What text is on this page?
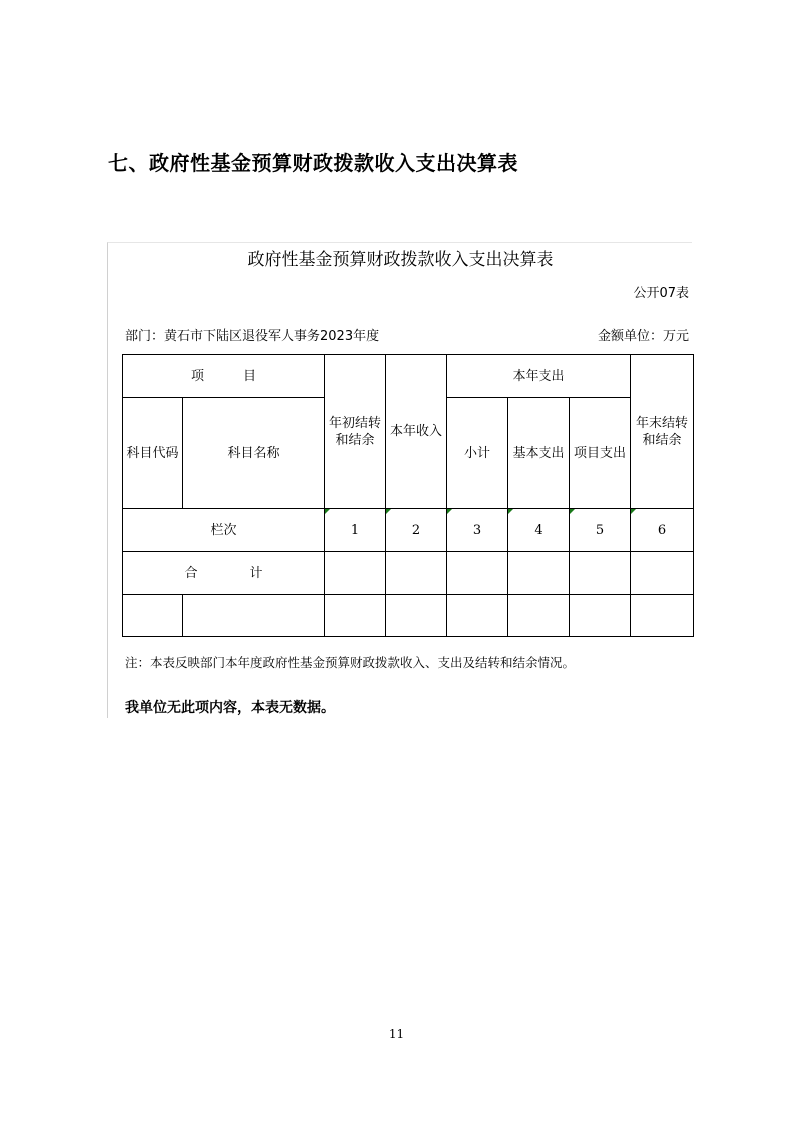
七、政府性基金预算财政拨款收入支出决算表
政府性基金预算财政拨款收入支出决算表
公开07表
部门：黄石市下陆区退役军人事务2023年度	金额单位：万元
项　　　目		年初结转和结余	本年收入	本年支出			年末结转和结余
科目代码	科目名称			小计	基本支出	项目支出	

栏次		1	2	3	4	5	6
合　　　　计							

注：本表反映部门本年度政府性基金预算财政拨款收入、支出及结转和结余情况。
我单位无此项内容，本表无数据。
11
